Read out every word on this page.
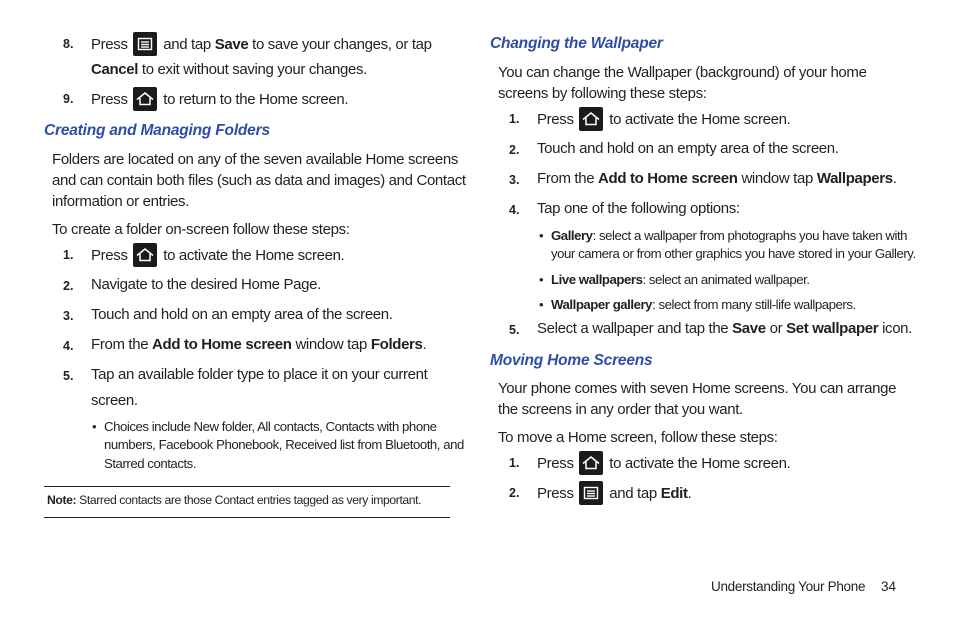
8. Press and tap Save to save your changes, or tap
Cancel to exit without saving your changes.
9. Press to return to the Home screen.
Creating and Managing Folders
Folders are located on any of the seven available Home screens
and can contain both files (such as data and images) and Contact
information or entries.
To create a folder on-screen follow these steps:
1. Press to activate the Home screen.
2. Navigate to the desired Home Page.
3. Touch and hold on an empty area of the screen.
4. From the Add to Home screen window tap Folders.
5. Tap an available folder type to place it on your current
screen.
• Choices include New folder, All contacts, Contacts with phone
numbers, Facebook Phonebook, Received list from Bluetooth, and
Starred contacts.
Note: Starred contacts are those Contact entries tagged as very important.
Changing the Wallpaper
You can change the Wallpaper (background) of your home
screens by following these steps:
1. Press to activate the Home screen.
2. Touch and hold on an empty area of the screen.
3. From the Add to Home screen window tap Wallpapers.
4. Tap one of the following options:
• Gallery: select a wallpaper from photographs you have taken with
your camera or from other graphics you have stored in your Gallery.
• Live wallpapers: select an animated wallpaper.
• Wallpaper gallery: select from many still-life wallpapers.
5. Select a wallpaper and tap the Save or Set wallpaper icon.
Moving Home Screens
Your phone comes with seven Home screens. You can arrange
the screens in any order that you want.
To move a Home screen, follow these steps:
1. Press to activate the Home screen.
2. Press and tap Edit.
Understanding Your Phone 34
